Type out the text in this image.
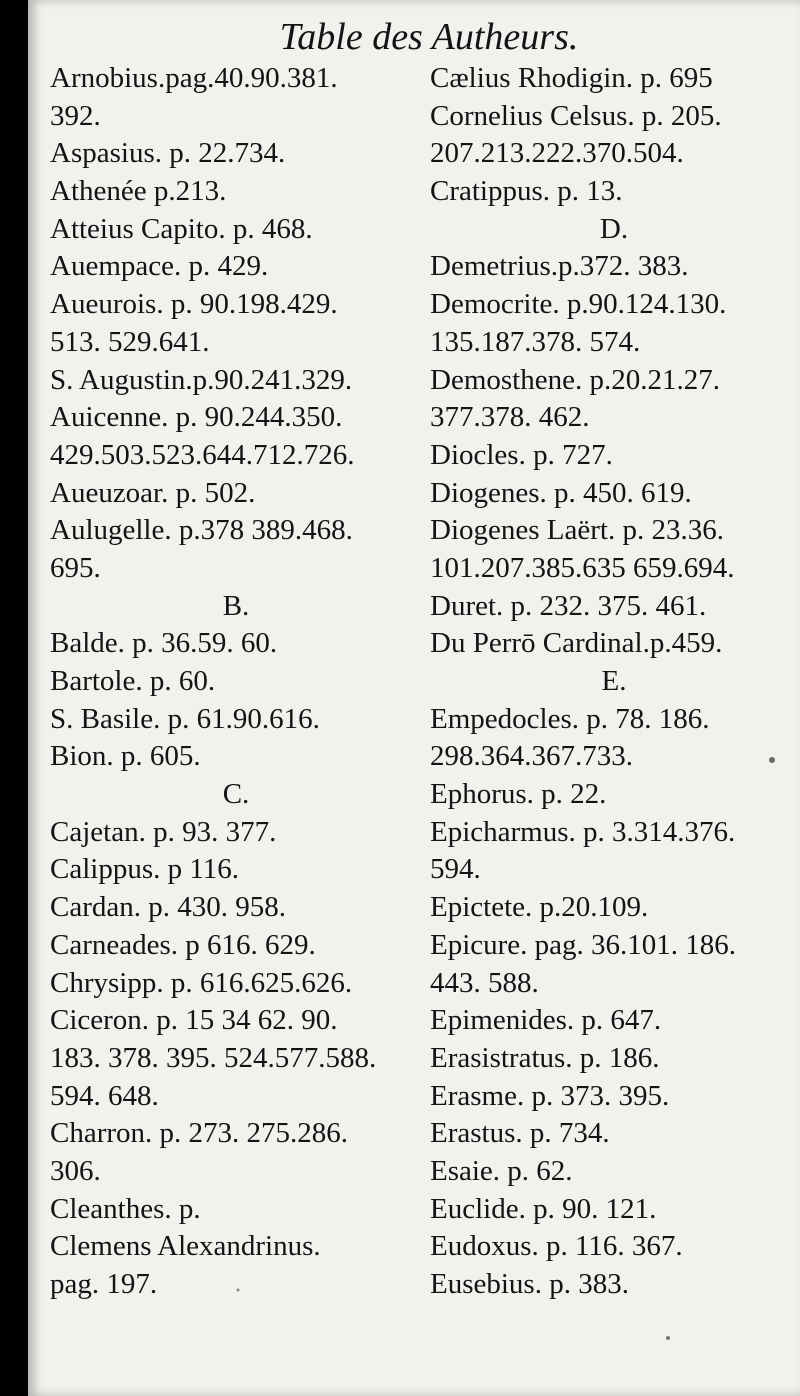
Table des Autheurs.
Arnobius.pag.40.90.381.
392.
Aspasius. p. 22.734.
Athenée p.213.
Atteius Capito. p. 468.
Auempace. p. 429.
Aueurois. p. 90.198.429.
513. 529.641.
S. Augustin.p.90.241.329.
Auicenne. p. 90.244.350.
429.503.523.644.712.726.
Aueuzoar. p. 502.
Aulugelle. p.378 389.468.
695.
B.
Balde. p. 36.59. 60.
Bartole. p. 60.
S. Basile. p. 61.90.616.
Bion. p. 605.
C.
Cajetan. p. 93. 377.
Calippus. p 116.
Cardan. p. 430. 958.
Carneades. p 616. 629.
Chrysipp. p. 616.625.626.
Ciceron. p. 15 34 62. 90.
183. 378. 395. 524.577.588.
594. 648.
Charron. p. 273. 275.286.
306.
Cleanthes. p.
Clemens Alexandrinus.
pag. 197.
Cælius Rhodigin. p. 695
Cornelius Celsus. p. 205.
207.213.222.370.504.
Cratippus. p. 13.
D.
Demetrius.p.372. 383.
Democrite. p.90.124.130.
135.187.378. 574.
Demosthene. p.20.21.27.
377.378. 462.
Diocles. p. 727.
Diogenes. p. 450. 619.
Diogenes Laërt. p. 23.36.
101.207.385.635 659.694.
Duret. p. 232. 375. 461.
Du Perrō Cardinal.p.459.
E.
Empedocles. p. 78. 186.
298.364.367.733.
Ephorus. p. 22.
Epicharmus. p. 3.314.376.
594.
Epictete. p.20.109.
Epicure. pag. 36.101. 186.
443. 588.
Epimenides. p. 647.
Erasistratus. p. 186.
Erasme. p. 373. 395.
Erastus. p. 734.
Esaie. p. 62.
Euclide. p. 90. 121.
Eudoxus. p. 116. 367.
Eusebius. p. 383.
